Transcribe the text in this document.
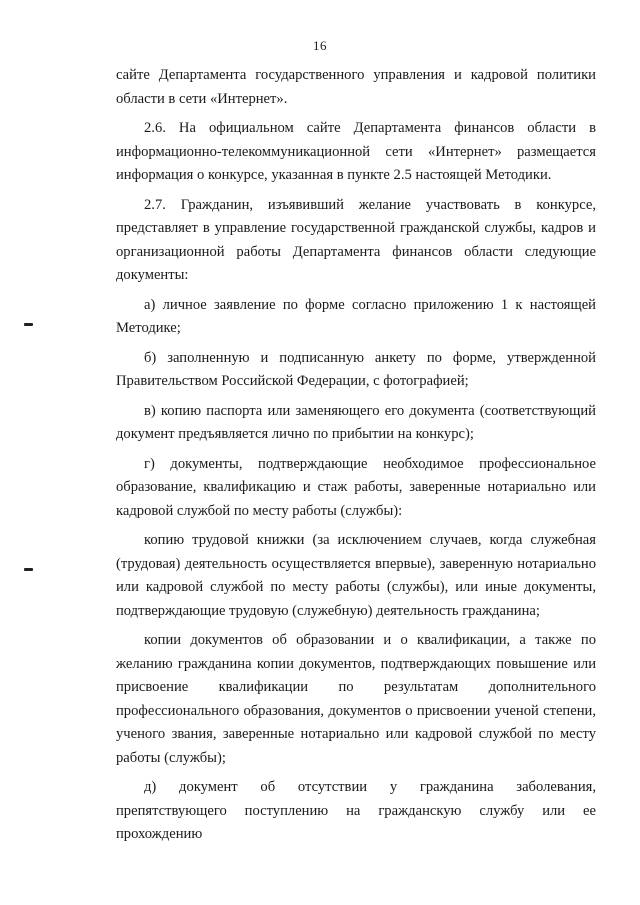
16
сайте Департамента государственного управления и кадровой политики
области в сети «Интернет».
2.6. На официальном сайте Департамента финансов области в
информационно-телекоммуникационной сети «Интернет» размещается
информация о конкурсе, указанная в пункте 2.5 настоящей Методики.
2.7. Гражданин, изъявивший желание участвовать в конкурсе,
представляет в управление государственной гражданской службы, кадров и
организационной работы Департамента финансов области следующие
документы:
а) личное заявление по форме согласно приложению 1 к настоящей
Методике;
б) заполненную и подписанную анкету по форме, утвержденной
Правительством Российской Федерации, с фотографией;
в) копию паспорта или заменяющего его документа (соответствующий
документ предъявляется лично по прибытии на конкурс);
г) документы, подтверждающие необходимое профессиональное
образование, квалификацию и стаж работы, заверенные нотариально или
кадровой службой по месту работы (службы):
копию трудовой книжки (за исключением случаев, когда служебная
(трудовая) деятельность осуществляется впервые), заверенную нотариально
или кадровой службой по месту работы (службы), или иные документы,
подтверждающие трудовую (служебную) деятельность гражданина;
копии документов об образовании и о квалификации, а также по
желанию гражданина копии документов, подтверждающих повышение или
присвоение квалификации по результатам дополнительного
профессионального образования, документов о присвоении ученой степени,
ученого звания, заверенные нотариально или кадровой службой по месту
работы (службы);
д) документ об отсутствии у гражданина заболевания,
препятствующего поступлению на гражданскую службу или ее прохождению
